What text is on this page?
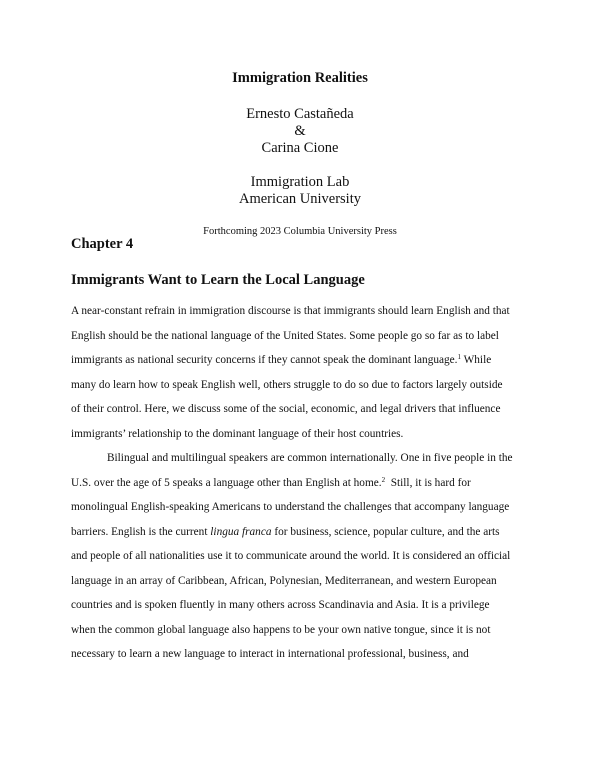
Immigration Realities

Ernesto Castañeda
&
Carina Cione
Immigration Lab
American University
Forthcoming 2023 Columbia University Press

Chapter 4

Immigrants Want to Learn the Local Language

A near-constant refrain in immigration discourse is that immigrants should learn English and that
English should be the national language of the United States. Some people go so far as to label
immigrants as national security concerns if they cannot speak the dominant language.$^1$ While
many do learn how to speak English well, others struggle to do so due to factors largely outside
of their control. Here, we discuss some of the social, economic, and legal drivers that influence
immigrants’ relationship to the dominant language of their host countries.

Bilingual and multilingual speakers are common internationally. One in five people in the
U.S. over the age of 5 speaks a language other than English at home.$^2$  Still, it is hard for
monolingual English-speaking Americans to understand the challenges that accompany language
barriers. English is the current lingua franca for business, science, popular culture, and the arts
and people of all nationalities use it to communicate around the world. It is considered an official
language in an array of Caribbean, African, Polynesian, Mediterranean, and western European
countries and is spoken fluently in many others across Scandinavia and Asia. It is a privilege
when the common global language also happens to be your own native tongue, since it is not
necessary to learn a new language to interact in international professional, business, and
